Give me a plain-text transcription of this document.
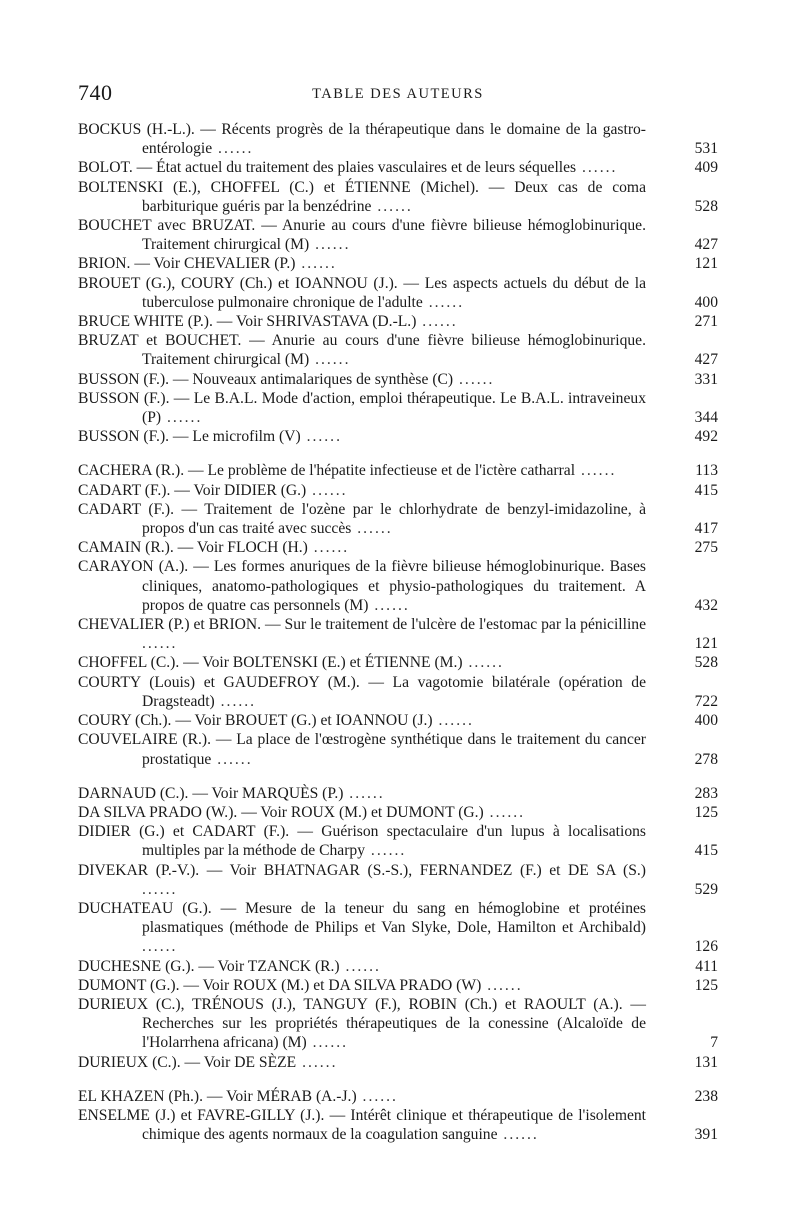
740	TABLE DES AUTEURS
BOCKUS (H.-L.). — Récents progrès de la thérapeutique dans le domaine de la gastro-entérologie ......	531
BOLOT. — État actuel du traitement des plaies vasculaires et de leurs séquelles ......	409
BOLTENSKI (E.), CHOFFEL (C.) et ÉTIENNE (Michel). — Deux cas de coma barbiturique guéris par la benzédrine ......	528
BOUCHET avec BRUZAT. — Anurie au cours d'une fièvre bilieuse hémoglobinurique. Traitement chirurgical (M) ......	427
BRION. — Voir CHEVALIER (P.) ......	121
BROUET (G.), COURY (Ch.) et IOANNOU (J.). — Les aspects actuels du début de la tuberculose pulmonaire chronique de l'adulte ......	400
BRUCE WHITE (P.). — Voir SHRIVASTAVA (D.-L.) ......	271
BRUZAT et BOUCHET. — Anurie au cours d'une fièvre bilieuse hémoglobinurique. Traitement chirurgical (M) ......	427
BUSSON (F.). — Nouveaux antimalariques de synthèse (C) ......	331
BUSSON (F.). — Le B.A.L. Mode d'action, emploi thérapeutique. Le B.A.L. intraveineux (P) ......	344
BUSSON (F.). — Le microfilm (V) ......	492
CACHERA (R.). — Le problème de l'hépatite infectieuse et de l'ictère catharral ......	113
CADART (F.). — Voir DIDIER (G.) ......	415
CADART (F.). — Traitement de l'ozène par le chlorhydrate de benzyl-imidazoline, à propos d'un cas traité avec succès ......	417
CAMAIN (R.). — Voir FLOCH (H.) ......	275
CARAYON (A.). — Les formes anuriques de la fièvre bilieuse hémoglobinurique. Bases cliniques, anatomo-pathologiques et physio-pathologiques du traitement. A propos de quatre cas personnels (M) ......	432
CHEVALIER (P.) et BRION. — Sur le traitement de l'ulcère de l'estomac par la pénicilline ......	121
CHOFFEL (C.). — Voir BOLTENSKI (E.) et ÉTIENNE (M.) ......	528
COURTY (Louis) et GAUDEFROY (M.). — La vagotomie bilatérale (opération de Dragsteadt) ......	722
COURY (Ch.). — Voir BROUET (G.) et IOANNOU (J.) ......	400
COUVELAIRE (R.). — La place de l'œstrogène synthétique dans le traitement du cancer prostatique ......	278
DARNAUD (C.). — Voir MARQUÈS (P.) ......	283
DA SILVA PRADO (W.). — Voir ROUX (M.) et DUMONT (G.) ......	125
DIDIER (G.) et CADART (F.). — Guérison spectaculaire d'un lupus à localisations multiples par la méthode de Charpy ......	415
DIVEKAR (P.-V.). — Voir BHATNAGAR (S.-S.), FERNANDEZ (F.) et DE SA (S.) ......	529
DUCHATEAU (G.). — Mesure de la teneur du sang en hémoglobine et protéines plasmatiques (méthode de Philips et Van Slyke, Dole, Hamilton et Archibald) ......	126
DUCHESNE (G.). — Voir TZANCK (R.) ......	411
DUMONT (G.). — Voir ROUX (M.) et DA SILVA PRADO (W) ......	125
DURIEUX (C.), TRÉNOUS (J.), TANGUY (F.), ROBIN (Ch.) et RAOULT (A.). — Recherches sur les propriétés thérapeutiques de la conessine (Alcaloïde de l'Holarrhena africana) (M) ......	7
DURIEUX (C.). — Voir DE SÈZE ......	131
EL KHAZEN (Ph.). — Voir MÉRAB (A.-J.) ......	238
ENSELME (J.) et FAVRE-GILLY (J.). — Intérêt clinique et thérapeutique de l'isolement chimique des agents normaux de la coagulation sanguine ......	391
